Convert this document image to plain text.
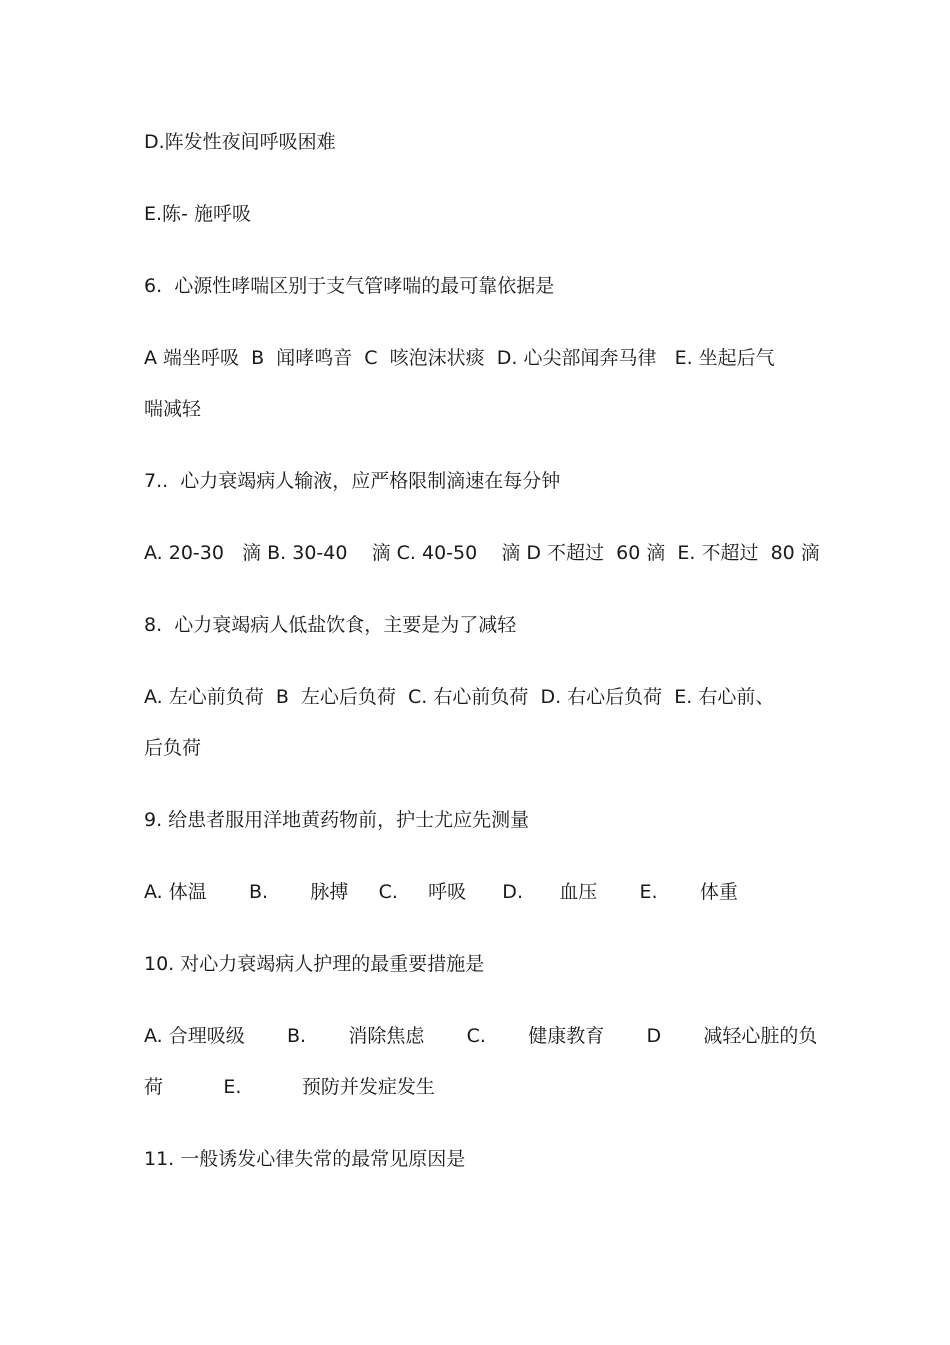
D.阵发性夜间呼吸困难
E.陈- 施呼吸
6.  心源性哮喘区别于支气管哮喘的最可靠依据是
A 端坐呼吸  B  闻哮鸣音  C  咳泡沫状痰  D. 心尖部闻奔马律   E. 坐起后气
喘减轻
7..  心力衰竭病人输液，应严格限制滴速在每分钟
A. 20-30   滴 B. 30-40    滴 C. 40-50    滴 D 不超过  60 滴  E. 不超过  80 滴
8.  心力衰竭病人低盐饮食，主要是为了减轻
A. 左心前负荷  B  左心后负荷  C. 右心前负荷  D. 右心后负荷  E. 右心前、
后负荷
9. 给患者服用洋地黄药物前，护士尤应先测量
A. 体温       B.       脉搏     C.     呼吸      D.      血压       E.       体重
10. 对心力衰竭病人护理的最重要措施是
A. 合理吸级       B.       消除焦虑       C.       健康教育       D       减轻心脏的负
荷          E.          预防并发症发生
11. 一般诱发心律失常的最常见原因是
